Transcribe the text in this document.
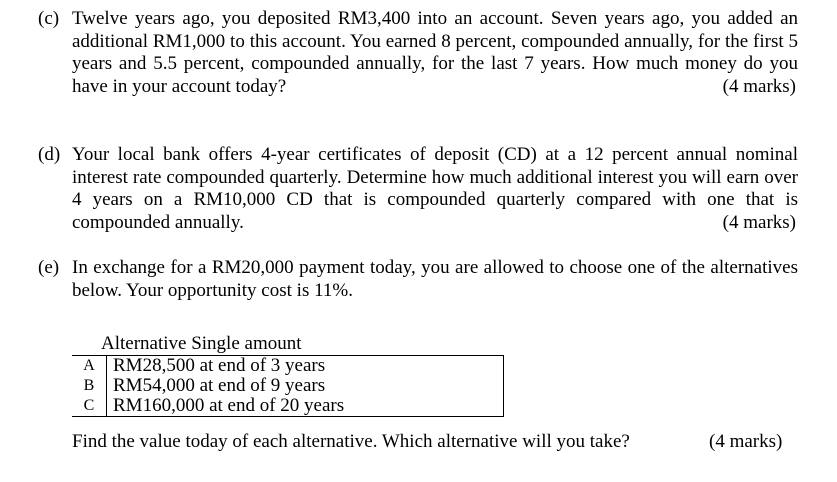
(c) Twelve years ago, you deposited RM3,400 into an account. Seven years ago, you added an additional RM1,000 to this account. You earned 8 percent, compounded annually, for the first 5 years and 5.5 percent, compounded annually, for the last 7 years. How much money do you have in your account today?	(4 marks)
(d) Your local bank offers 4-year certificates of deposit (CD) at a 12 percent annual nominal interest rate compounded quarterly. Determine how much additional interest you will earn over 4 years on a RM10,000 CD that is compounded quarterly compared with one that is compounded annually.	(4 marks)
(e) In exchange for a RM20,000 payment today, you are allowed to choose one of the alternatives below. Your opportunity cost is 11%.
Alternative Single amount
A	RM28,500 at end of 3 years
B	RM54,000 at end of 9 years
C	RM160,000 at end of 20 years
Find the value today of each alternative. Which alternative will you take?	(4 marks)
